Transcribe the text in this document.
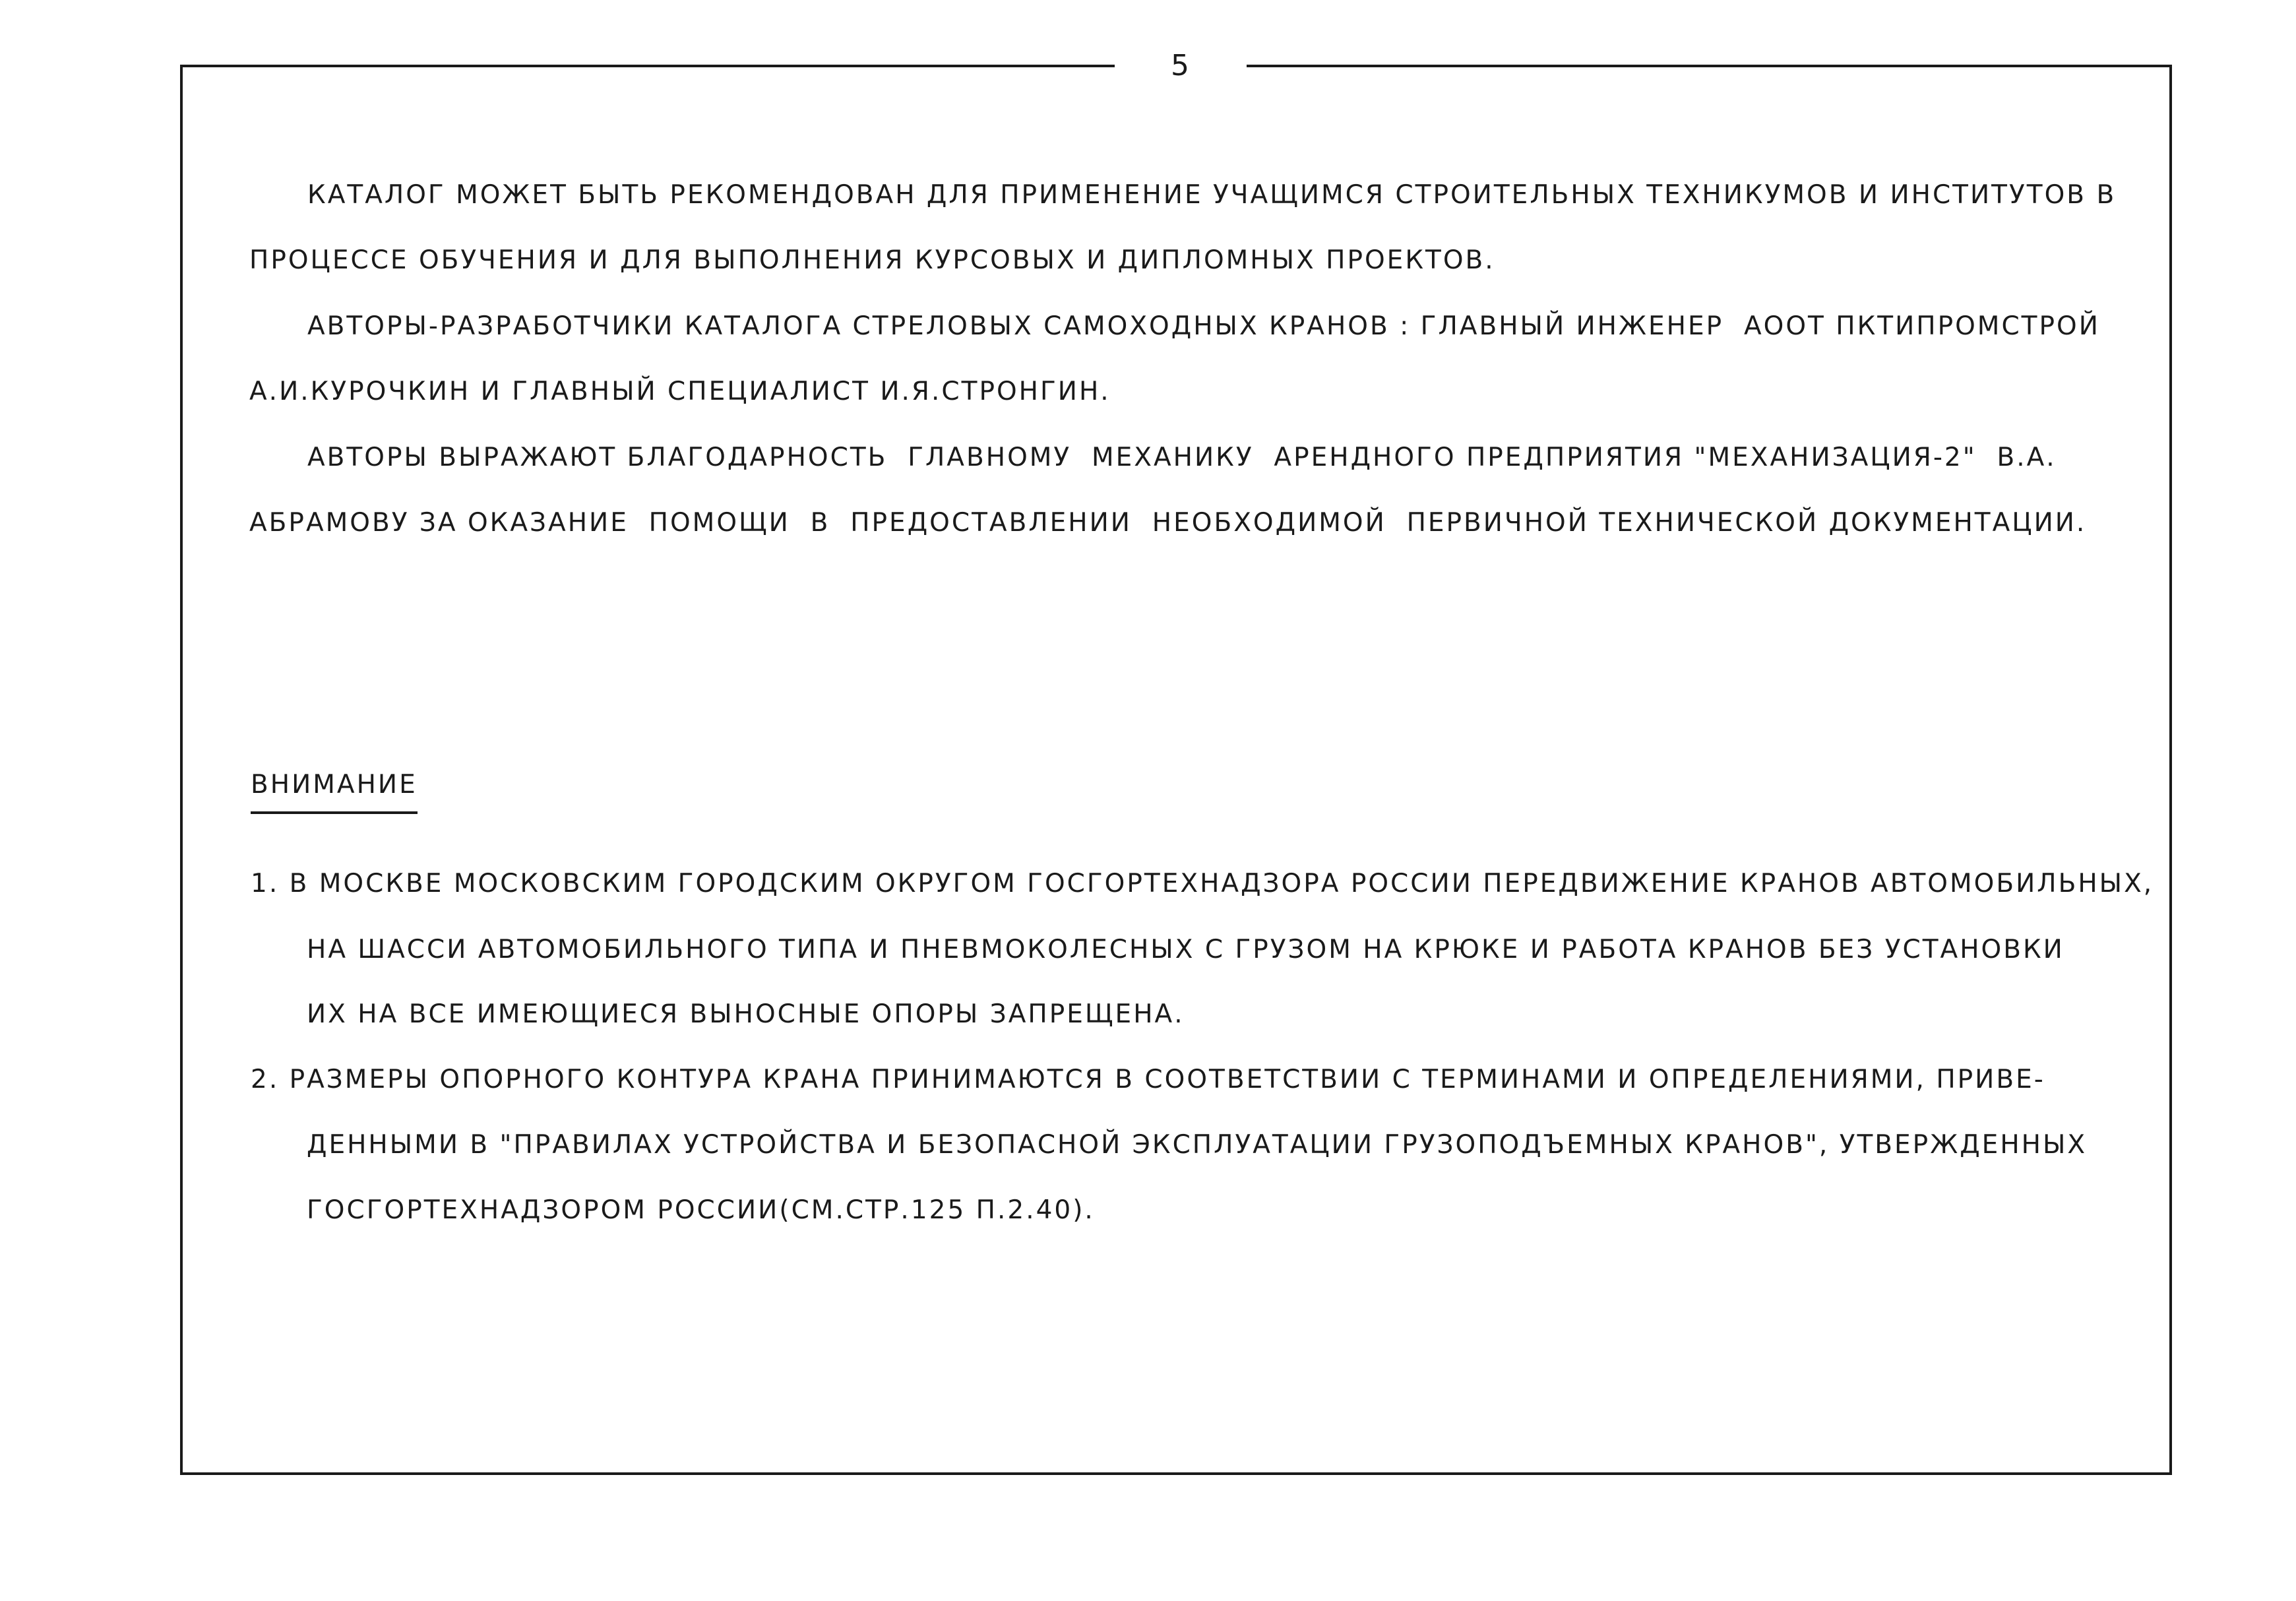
5
КАТАЛОГ МОЖЕТ БЫТЬ РЕКОМЕНДОВАН ДЛЯ ПРИМЕНЕНИЕ УЧАЩИМСЯ СТРОИТЕЛЬНЫХ ТЕХНИКУМОВ И ИНСТИТУТОВ В
ПРОЦЕССЕ ОБУЧЕНИЯ И ДЛЯ ВЫПОЛНЕНИЯ КУРСОВЫХ И ДИПЛОМНЫХ ПРОЕКТОВ.
АВТОРЫ-РАЗРАБОТЧИКИ КАТАЛОГА СТРЕЛОВЫХ САМОХОДНЫХ КРАНОВ : ГЛАВНЫЙ ИНЖЕНЕР  АООТ ПКТИПРОМСТРОЙ
А.И.КУРОЧКИН И ГЛАВНЫЙ СПЕЦИАЛИСТ И.Я.СТРОНГИН.
АВТОРЫ ВЫРАЖАЮТ БЛАГОДАРНОСТЬ  ГЛАВНОМУ  МЕХАНИКУ  АРЕНДНОГО ПРЕДПРИЯТИЯ "МЕХАНИЗАЦИЯ-2"  В.А.
АБРАМОВУ ЗА ОКАЗАНИЕ  ПОМОЩИ  В  ПРЕДОСТАВЛЕНИИ  НЕОБХОДИМОЙ  ПЕРВИЧНОЙ ТЕХНИЧЕСКОЙ ДОКУМЕНТАЦИИ.
ВНИМАНИЕ
1. В МОСКВЕ МОСКОВСКИМ ГОРОДСКИМ ОКРУГОМ ГОСГОРТЕХНАДЗОРА РОССИИ ПЕРЕДВИЖЕНИЕ КРАНОВ АВТОМОБИЛЬНЫХ,
НА ШАССИ АВТОМОБИЛЬНОГО ТИПА И ПНЕВМОКОЛЕСНЫХ С ГРУЗОМ НА КРЮКЕ И РАБОТА КРАНОВ БЕЗ УСТАНОВКИ
ИХ НА ВСЕ ИМЕЮЩИЕСЯ ВЫНОСНЫЕ ОПОРЫ ЗАПРЕЩЕНА.
2. РАЗМЕРЫ ОПОРНОГО КОНТУРА КРАНА ПРИНИМАЮТСЯ В СООТВЕТСТВИИ С ТЕРМИНАМИ И ОПРЕДЕЛЕНИЯМИ, ПРИВЕ-
ДЕННЫМИ В "ПРАВИЛАХ УСТРОЙСТВА И БЕЗОПАСНОЙ ЭКСПЛУАТАЦИИ ГРУЗОПОДЪЕМНЫХ КРАНОВ", УТВЕРЖДЕННЫХ
ГОСГОРТЕХНАДЗОРОМ РОССИИ(СМ.СТР.125 П.2.40).
